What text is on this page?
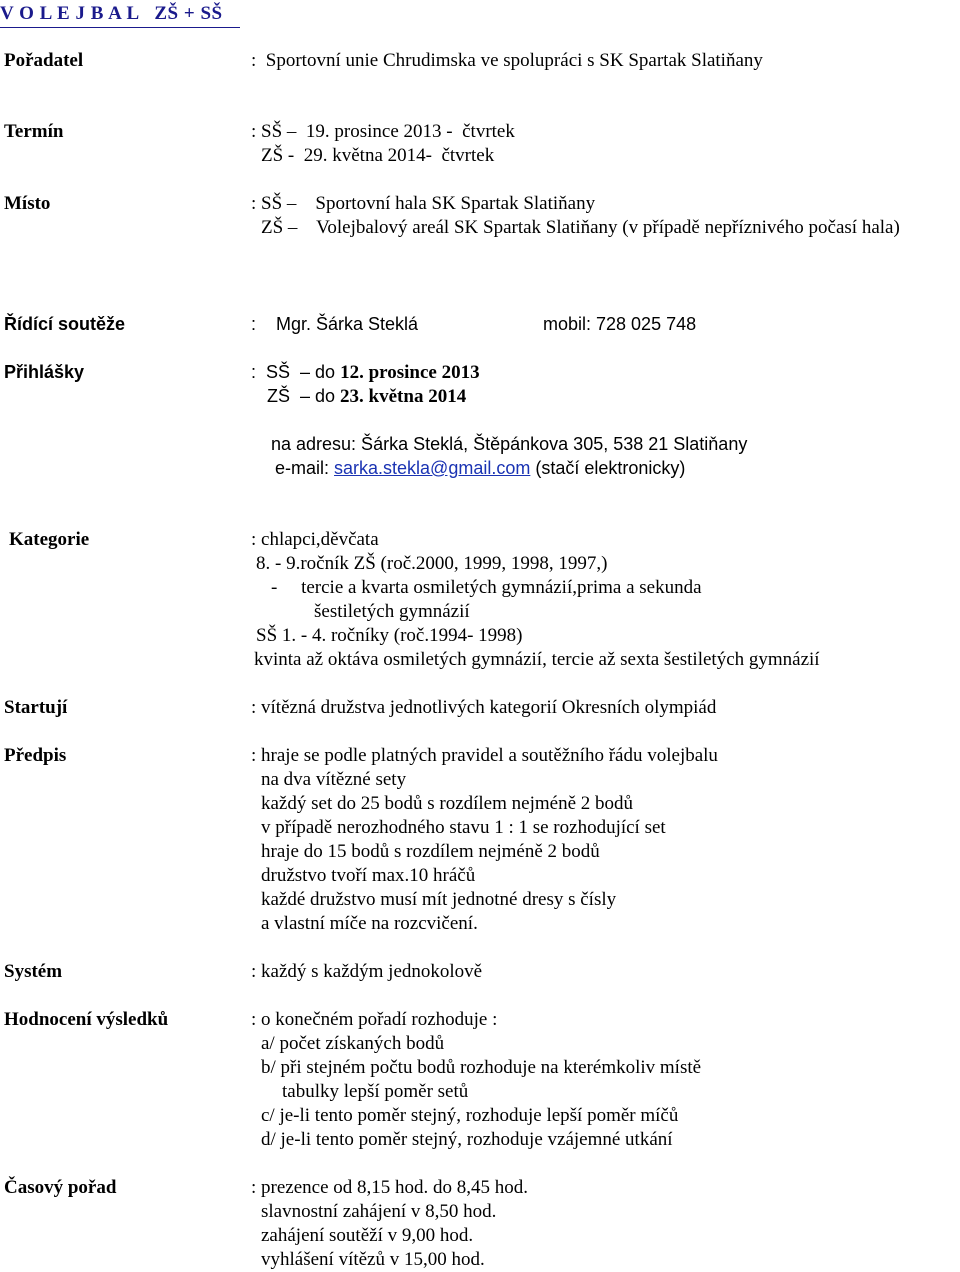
V O L E J B A L   ZŠ + SŠ
Pořadatel	:  Sportovní unie Chrudimska ve spolupráci s SK Spartak Slatiňany
Termín	: SŠ –  19. prosince 2013 -  čtvrtek
ZŠ -  29. května 2014-  čtvrtek
Místo	: SŠ –    Sportovní hala SK Spartak Slatiňany
ZŠ –    Volejbalový areál SK Spartak Slatiňany (v případě nepříznivého počasí hala)
Řídící soutěže	: Mgr. Šárka Steklá	mobil: 728 025 748
Přihlášky	:  SŠ  – do 12. prosince 2013
ZŠ  – do 23. května 2014
na adresu: Šárka Steklá, Štěpánkova 305, 538 21 Slatiňany
e-mail: sarka.stekla@gmail.com (stačí elektronicky)
Kategorie	: chlapci,děvčata
8. - 9.ročník ZŠ (roč.2000, 1999, 1998, 1997,)
-     tercie a kvarta osmiletých gymnázií,prima a sekunda
šestiletých gymnázií
SŠ 1. - 4. ročníky (roč.1994- 1998)
kvinta až oktáva osmiletých gymnázií, tercie až sexta šestiletých gymnázií
Startují	: vítězná družstva jednotlivých kategorií Okresních olympiád
Předpis	: hraje se podle platných pravidel a soutěžního řádu volejbalu
na dva vítězné sety
každý set do 25 bodů s rozdílem nejméně 2 bodů
v případě nerozhodného stavu 1 : 1 se rozhodující set
hraje do 15 bodů s rozdílem nejméně 2 bodů
družstvo tvoří max.10 hráčů
každé družstvo musí mít jednotné dresy s čísly
a vlastní míče na rozcvičení.
Systém	: každý s každým jednokolově
Hodnocení výsledků	: o konečném pořadí rozhoduje :
a/ počet získaných bodů
b/ při stejném počtu bodů rozhoduje na kterémkoliv místě
tabulky lepší poměr setů
c/ je-li tento poměr stejný, rozhoduje lepší poměr míčů
d/ je-li tento poměr stejný, rozhoduje vzájemné utkání
Časový pořad	: prezence od 8,15 hod. do 8,45 hod.
slavnostní zahájení v 8,50 hod.
zahájení soutěží v 9,00 hod.
vyhlášení vítězů v 15,00 hod.
